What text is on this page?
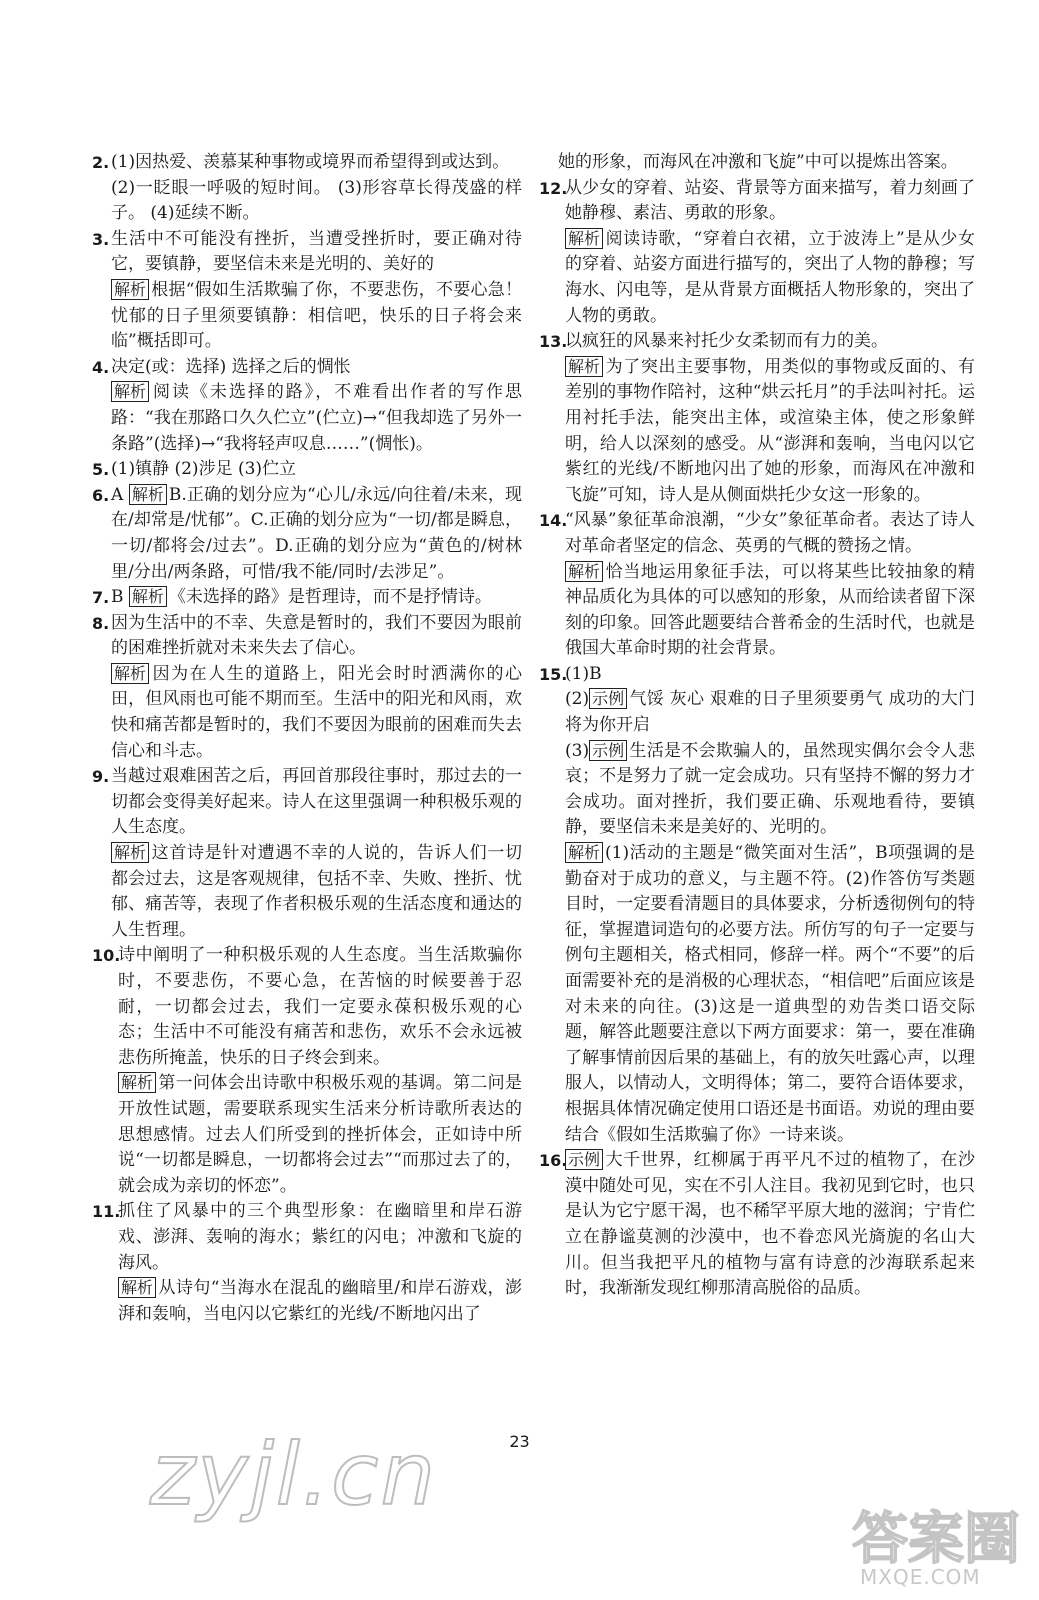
2. (1)因热爱、羡慕某种事物或境界而希望得到或达到。
(2)一眨眼一呼吸的短时间。 (3)形容草长得茂盛的样子。 (4)延续不断。
3. 生活中不可能没有挫折，当遭受挫折时，要正确对待它，要镇静，要坚信未来是光明的、美好的
解析 根据“假如生活欺骗了你，不要悲伤，不要心急！忧郁的日子里须要镇静：相信吧，快乐的日子将会来临”概括即可。
4. 决定(或：选择) 选择之后的惆怅
解析 阅读《未选择的路》，不难看出作者的写作思路：“我在那路口久久伫立”(伫立)→“但我却选了另外一条路”(选择)→“我将轻声叹息……”(惆怅)。
5. (1)镇静 (2)涉足 (3)伫立
6. A 解析 B.正确的划分应为“心儿/永远/向往着/未来，现在/却常是/忧郁”。C.正确的划分应为“一切/都是瞬息，一切/都将会/过去”。D.正确的划分应为“黄色的/树林里/分出/两条路，可惜/我不能/同时/去涉足”。
7. B 解析 《未选择的路》是哲理诗，而不是抒情诗。
8. 因为生活中的不幸、失意是暂时的，我们不要因为眼前的困难挫折就对未来失去了信心。
解析 因为在人生的道路上，阳光会时时洒满你的心田，但风雨也可能不期而至。生活中的阳光和风雨，欢快和痛苦都是暂时的，我们不要因为眼前的困难而失去信心和斗志。
9. 当越过艰难困苦之后，再回首那段往事时，那过去的一切都会变得美好起来。诗人在这里强调一种积极乐观的人生态度。
解析 这首诗是针对遭遇不幸的人说的，告诉人们一切都会过去，这是客观规律，包括不幸、失败、挫折、忧郁、痛苦等，表现了作者积极乐观的生活态度和通达的人生哲理。
10.
诗中阐明了一种积极乐观的人生态度。当生活欺骗你时，不要悲伤，不要心急，在苦恼的时候要善于忍耐，一切都会过去，我们一定要永葆积极乐观的心态；生活中不可能没有痛苦和悲伤，欢乐不会永远被悲伤所掩盖，快乐的日子终会到来。
解析 第一问体会出诗歌中积极乐观的基调。第二问是开放性试题，需要联系现实生活来分析诗歌所表达的思想感情。过去人们所受到的挫折体会，正如诗中所说“一切都是瞬息，一切都将会过去”“而那过去了的，就会成为亲切的怀恋”。
11.
抓住了风暴中的三个典型形象：在幽暗里和岸石游戏、澎湃、轰响的海水；紫红的闪电；冲激和飞旋的海风。
解析 从诗句“当海水在混乱的幽暗里/和岸石游戏，澎湃和轰响，当电闪以它紫红的光线/不断地闪出了
她的形象，而海风在冲激和飞旋”中可以提炼出答案。
12.
从少女的穿着、站姿、背景等方面来描写，着力刻画了她静穆、素洁、勇敢的形象。
解析 阅读诗歌，“穿着白衣裙，立于波涛上”是从少女的穿着、站姿方面进行描写的，突出了人物的静穆；写海水、闪电等，是从背景方面概括人物形象的，突出了人物的勇敢。
13.
以疯狂的风暴来衬托少女柔韧而有力的美。
解析 为了突出主要事物，用类似的事物或反面的、有差别的事物作陪衬，这种“烘云托月”的手法叫衬托。运用衬托手法，能突出主体，或渲染主体，使之形象鲜明，给人以深刻的感受。从“澎湃和轰响，当电闪以它紫红的光线/不断地闪出了她的形象，而海风在冲激和飞旋”可知，诗人是从侧面烘托少女这一形象的。
14.
“风暴”象征革命浪潮，“少女”象征革命者。表达了诗人对革命者坚定的信念、英勇的气概的赞扬之情。
解析 恰当地运用象征手法，可以将某些比较抽象的精神品质化为具体的可以感知的形象，从而给读者留下深刻的印象。回答此题要结合普希金的生活时代，也就是俄国大革命时期的社会背景。
15.
(1)B
(2) 示例 气馁 灰心 艰难的日子里须要勇气 成功的大门将为你开启
(3) 示例 生活是不会欺骗人的，虽然现实偶尔会令人悲哀；不是努力了就一定会成功。只有坚持不懈的努力才会成功。面对挫折，我们要正确、乐观地看待，要镇静，要坚信未来是美好的、光明的。
解析 (1)活动的主题是“微笑面对生活”，B项强调的是勤奋对于成功的意义，与主题不符。(2)作答仿写类题目时，一定要看清题目的具体要求，分析透彻例句的特征，掌握遣词造句的必要方法。所仿写的句子一定要与例句主题相关，格式相同，修辞一样。两个“不要”的后面需要补充的是消极的心理状态，“相信吧”后面应该是对未来的向往。(3)这是一道典型的劝告类口语交际题，解答此题要注意以下两方面要求：第一，要在准确了解事情前因后果的基础上，有的放矢吐露心声，以理服人，以情动人，文明得体；第二，要符合语体要求，根据具体情况确定使用口语还是书面语。劝说的理由要结合《假如生活欺骗了你》一诗来谈。
16. 示例 大千世界，红柳属于再平凡不过的植物了，在沙漠中随处可见，实在不引人注目。我初见到它时，也只是认为它宁愿干渴，也不稀罕平原大地的滋润；宁肯伫立在静谧莫测的沙漠中，也不眷恋风光旖旎的名山大川。但当我把平凡的植物与富有诗意的沙海联系起来时，我渐渐发现红柳那清高脱俗的品质。
23
zyjl.cn
答案圈
MXQE.COM
